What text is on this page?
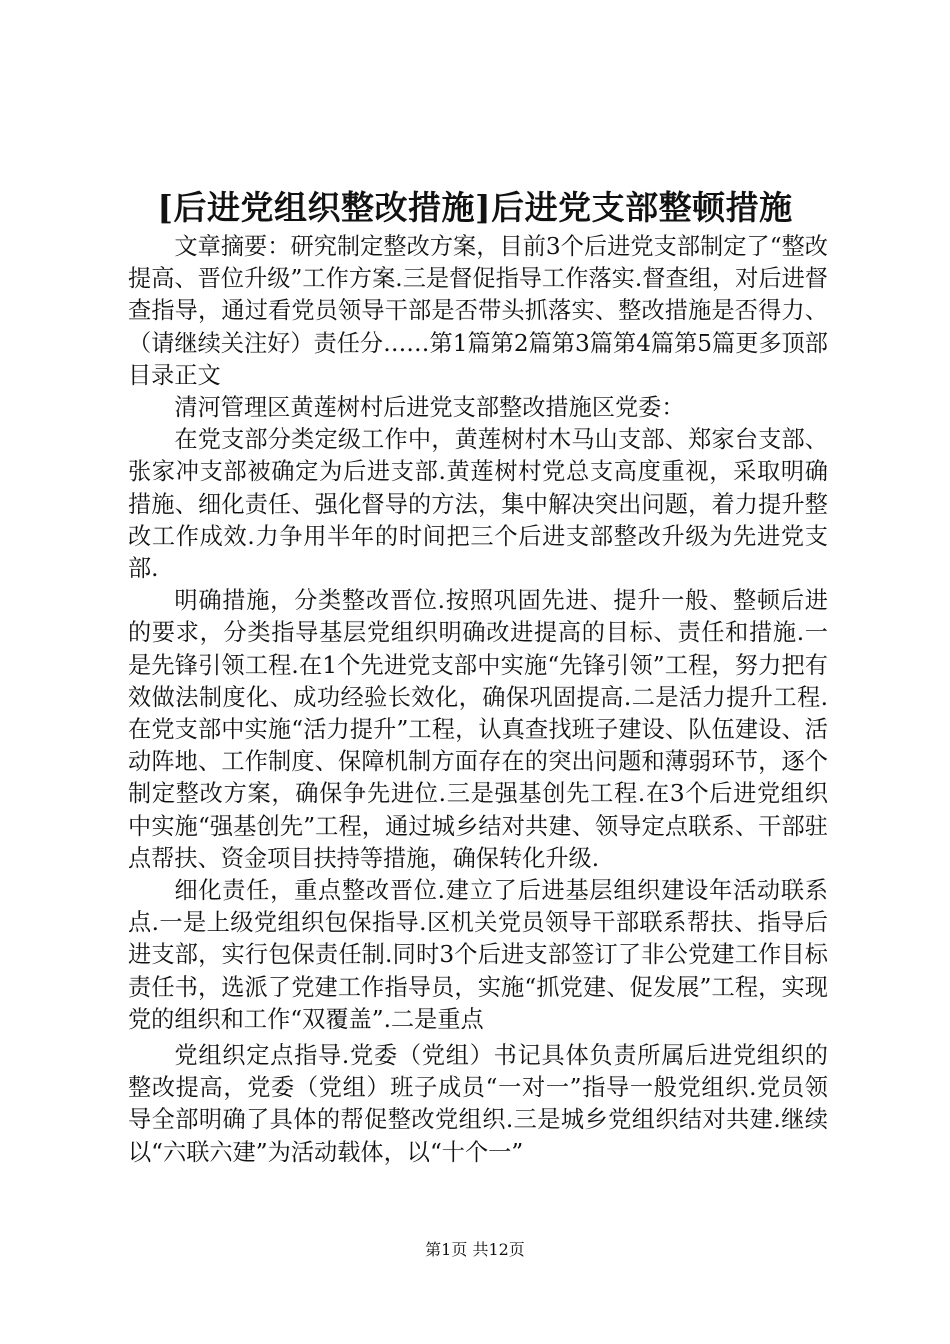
[后进党组织整改措施]后进党支部整顿措施

文章摘要：研究制定整改方案，目前3个后进党支部制定了“整改提高、晋位升级”工作方案.三是督促指导工作落实.督查组，对后进督查指导，通过看党员领导干部是否带头抓落实、整改措施是否得力、（请继续关注好）责任分……第1篇第2篇第3篇第4篇第5篇更多顶部目录正文

清河管理区黄莲树村后进党支部整改措施区党委：

在党支部分类定级工作中，黄莲树村木马山支部、郑家台支部、张家冲支部被确定为后进支部.黄莲树村党总支高度重视，采取明确措施、细化责任、强化督导的方法，集中解决突出问题，着力提升整改工作成效.力争用半年的时间把三个后进支部整改升级为先进党支部.

明确措施，分类整改晋位.按照巩固先进、提升一般、整顿后进的要求，分类指导基层党组织明确改进提高的目标、责任和措施.一是先锋引领工程.在1个先进党支部中实施“先锋引领”工程，努力把有效做法制度化、成功经验长效化，确保巩固提高.二是活力提升工程.在党支部中实施“活力提升”工程，认真查找班子建设、队伍建设、活动阵地、工作制度、保障机制方面存在的突出问题和薄弱环节，逐个制定整改方案，确保争先进位.三是强基创先工程.在3个后进党组织中实施“强基创先”工程，通过城乡结对共建、领导定点联系、干部驻点帮扶、资金项目扶持等措施，确保转化升级.

细化责任，重点整改晋位.建立了后进基层组织建设年活动联系点.一是上级党组织包保指导.区机关党员领导干部联系帮扶、指导后进支部，实行包保责任制.同时3个后进支部签订了非公党建工作目标责任书，选派了党建工作指导员，实施“抓党建、促发展”工程，实现党的组织和工作“双覆盖”.二是重点

党组织定点指导.党委（党组）书记具体负责所属后进党组织的整改提高，党委（党组）班子成员“一对一”指导一般党组织.党员领导全部明确了具体的帮促整改党组织.三是城乡党组织结对共建.继续以“六联六建”为活动载体，以“十个一”

第1页 共12页
